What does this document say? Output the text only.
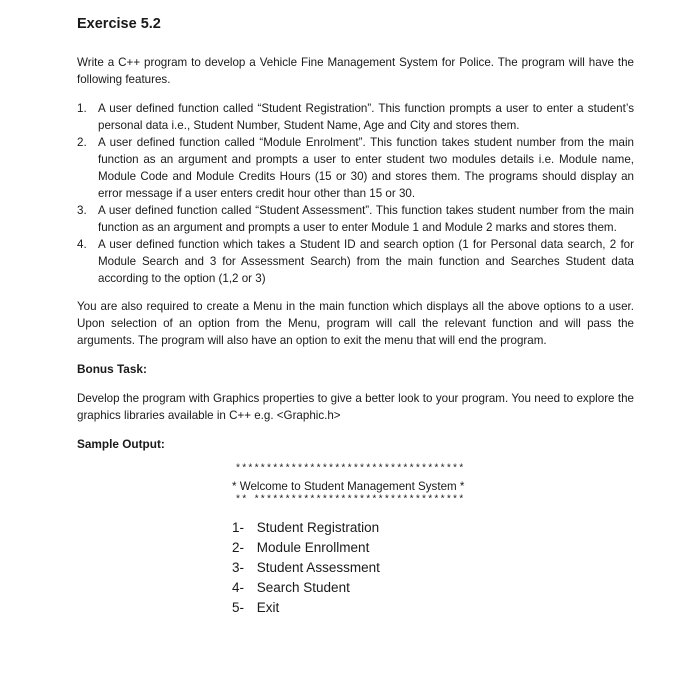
Exercise 5.2

Write a C++ program to develop a Vehicle Fine Management System for Police. The program will have the following features.

1. A user defined function called “Student Registration”. This function prompts a user to enter a student’s personal data i.e., Student Number, Student Name, Age and City and stores them.
2. A user defined function called “Module Enrolment”. This function takes student number from the main function as an argument and prompts a user to enter student two modules details i.e. Module name, Module Code and Module Credits Hours (15 or 30) and stores them. The programs should display an error message if a user enters credit hour other than 15 or 30.
3. A user defined function called “Student Assessment”. This function takes student number from the main function as an argument and prompts a user to enter Module 1 and Module 2 marks and stores them.
4. A user defined function which takes a Student ID and search option (1 for Personal data search, 2 for Module Search and 3 for Assessment Search) from the main function and Searches Student data according to the option (1,2 or 3)

You are also required to create a Menu in the main function which displays all the above options to a user. Upon selection of an option from the Menu, program will call the relevant function and will pass the arguments. The program will also have an option to exit the menu that will end the program.

Bonus Task:

Develop the program with Graphics properties to give a better look to your program. You need to explore the graphics libraries available in C++ e.g. <Graphic.h>

Sample Output:
*************************************
* Welcome to Student Management System *
** **********************************
1- Student Registration
2- Module Enrollment
3- Student Assessment
4- Search Student
5- Exit
